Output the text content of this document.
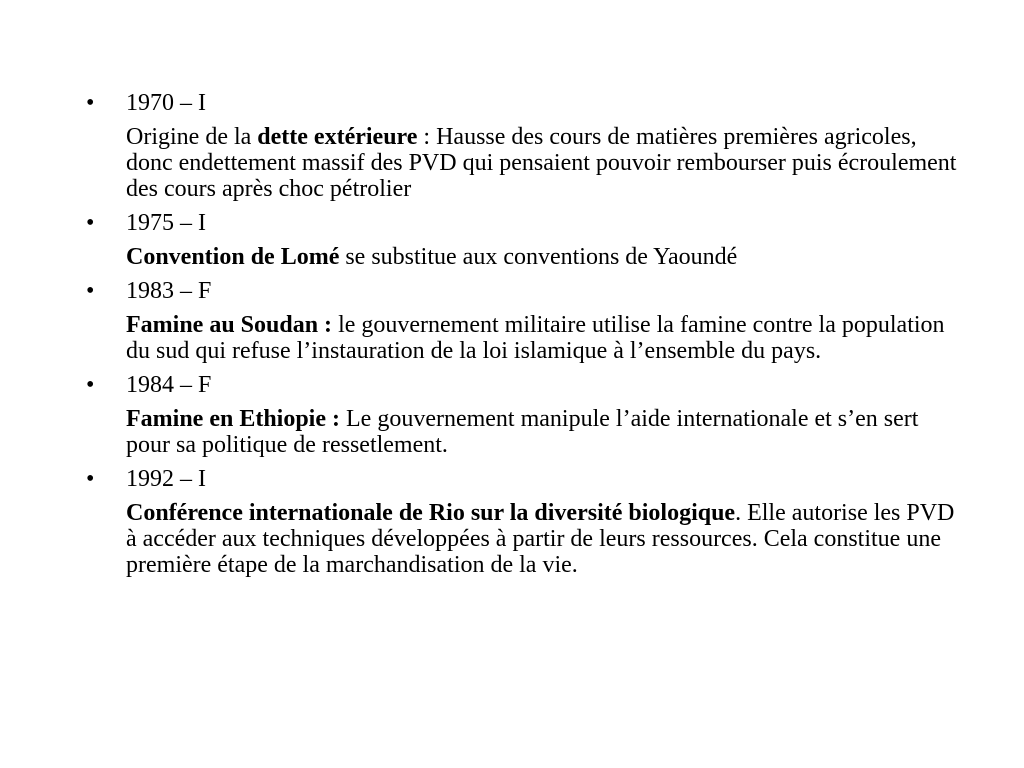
•	1970 – I
Origine de la dette extérieure : Hausse des cours de matières premières agricoles, donc endettement massif des PVD qui pensaient pouvoir rembourser puis écroulement des cours après choc pétrolier
•	1975 – I
Convention de Lomé se substitue aux conventions de Yaoundé
•	1983 – F
Famine au Soudan : le gouvernement militaire utilise la famine contre la population du sud qui refuse l’instauration de la loi islamique à l’ensemble du pays.
•	1984 – F
Famine en Ethiopie : Le gouvernement manipule l’aide internationale et s’en sert pour sa politique de ressetlement.
•	1992 – I
Conférence internationale de Rio sur la diversité biologique. Elle autorise les PVD à accéder aux techniques développées à partir de leurs ressources. Cela constitue une première étape de la marchandisation de la vie.
